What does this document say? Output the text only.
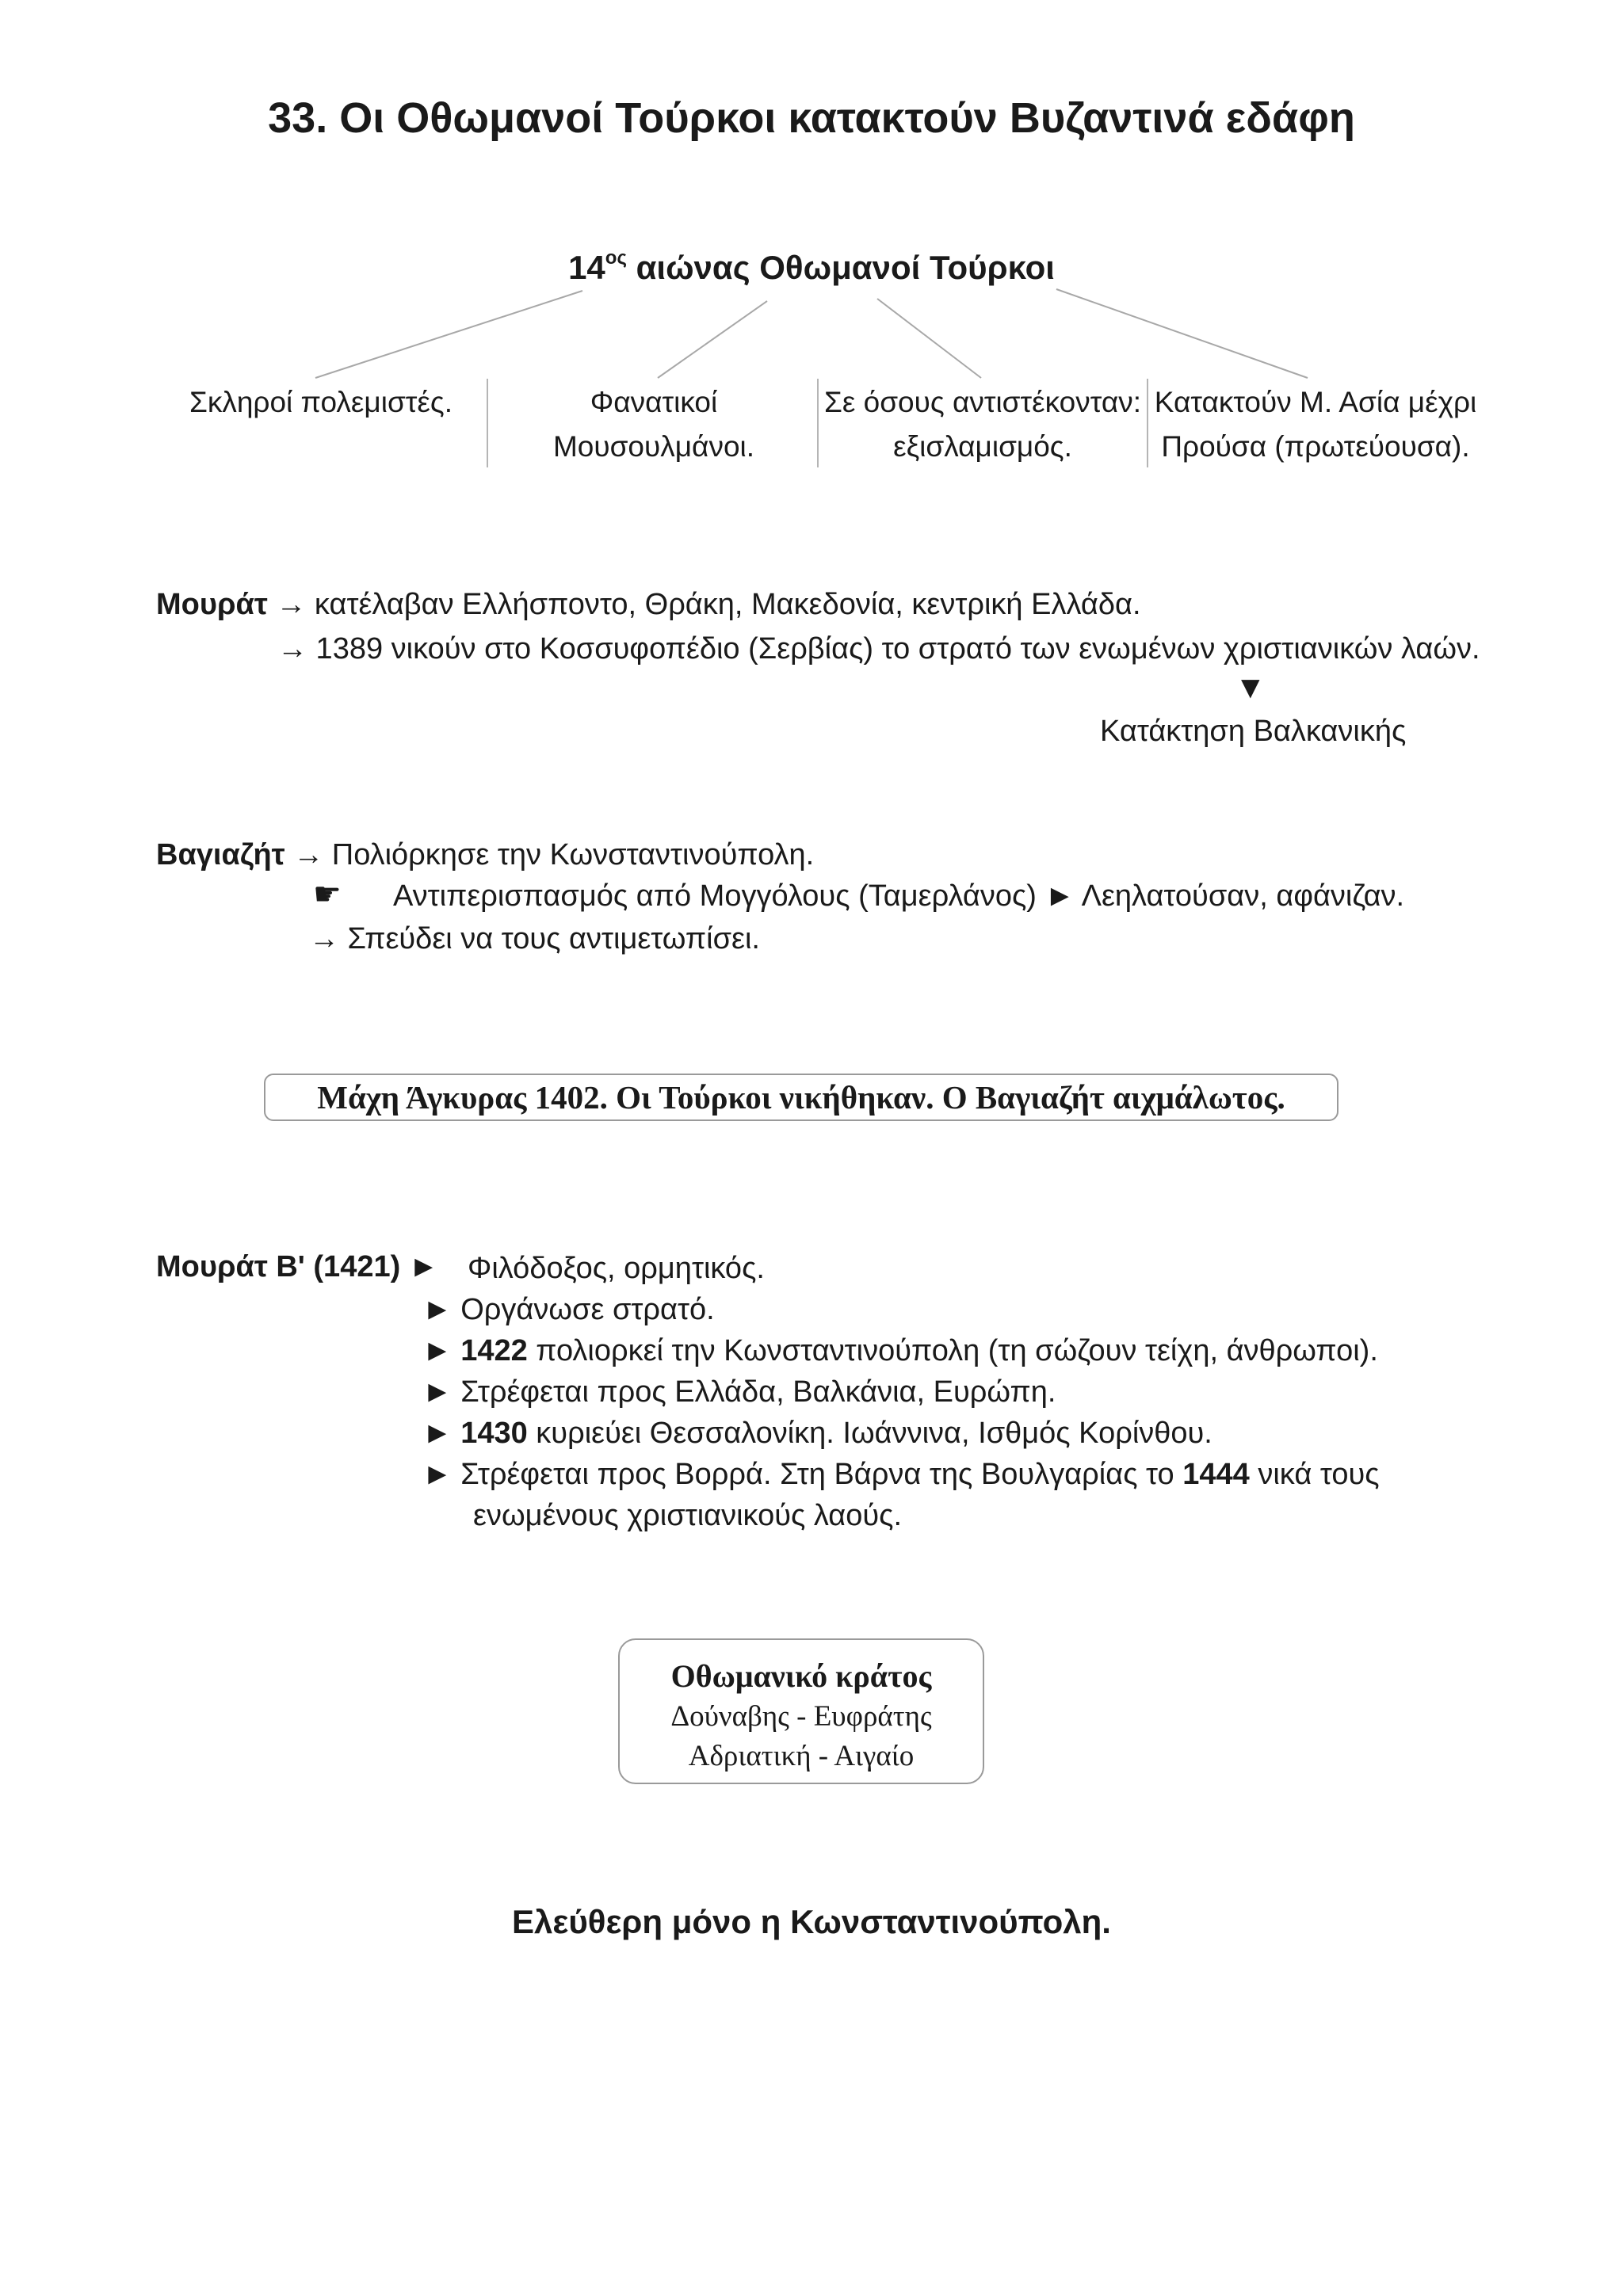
33. Οι Οθωμανοί Τούρκοι κατακτούν Βυζαντινά εδάφη
$14^{o\varsigma}$ αιώνας Οθωμανοί Τούρκοι
Σκληροί πολεμιστές.	Φανατικοί
Μουσουλμάνοι.
Σε όσους αντιστέκονταν:
εξισλαμισμός.
Κατακτούν Μ. Ασία μέχρι
Προύσα (πρωτεύουσα).
Μουράτ → κατέλαβαν Ελλήσποντο, Θράκη, Μακεδονία, κεντρική Ελλάδα.
→ 1389 νικούν στο Κοσσυφοπέδιο (Σερβίας) το στρατό των ενωμένων χριστιανικών λαών.
▼
Κατάκτηση Βαλκανικής
Βαγιαζήτ → Πολιόρκησε την Κωνσταντινούπολη.
☛ Αντιπερισπασμός από Μογγόλους (Ταμερλάνος) ► Λεηλατούσαν, αφάνιζαν.
→ Σπεύδει να τους αντιμετωπίσει.
Μάχη Άγκυρας 1402. Οι Τούρκοι νικήθηκαν. Ο Βαγιαζήτ αιχμάλωτος.
Μουράτ Β' (1421) ► Φιλόδοξος, ορμητικός.
► Οργάνωσε στρατό.
► 1422 πολιορκεί την Κωνσταντινούπολη (τη σώζουν τείχη, άνθρωποι).
► Στρέφεται προς Ελλάδα, Βαλκάνια, Ευρώπη.
► 1430 κυριεύει Θεσσαλονίκη. Ιωάννινα, Ισθμός Κορίνθου.
► Στρέφεται προς Βορρά. Στη Βάρνα της Βουλγαρίας το 1444 νικά τους
ενωμένους χριστιανικούς λαούς.
Οθωμανικό κράτος
Δούναβης - Ευφράτης
Αδριατική - Αιγαίο
Ελεύθερη μόνο η Κωνσταντινούπολη.
